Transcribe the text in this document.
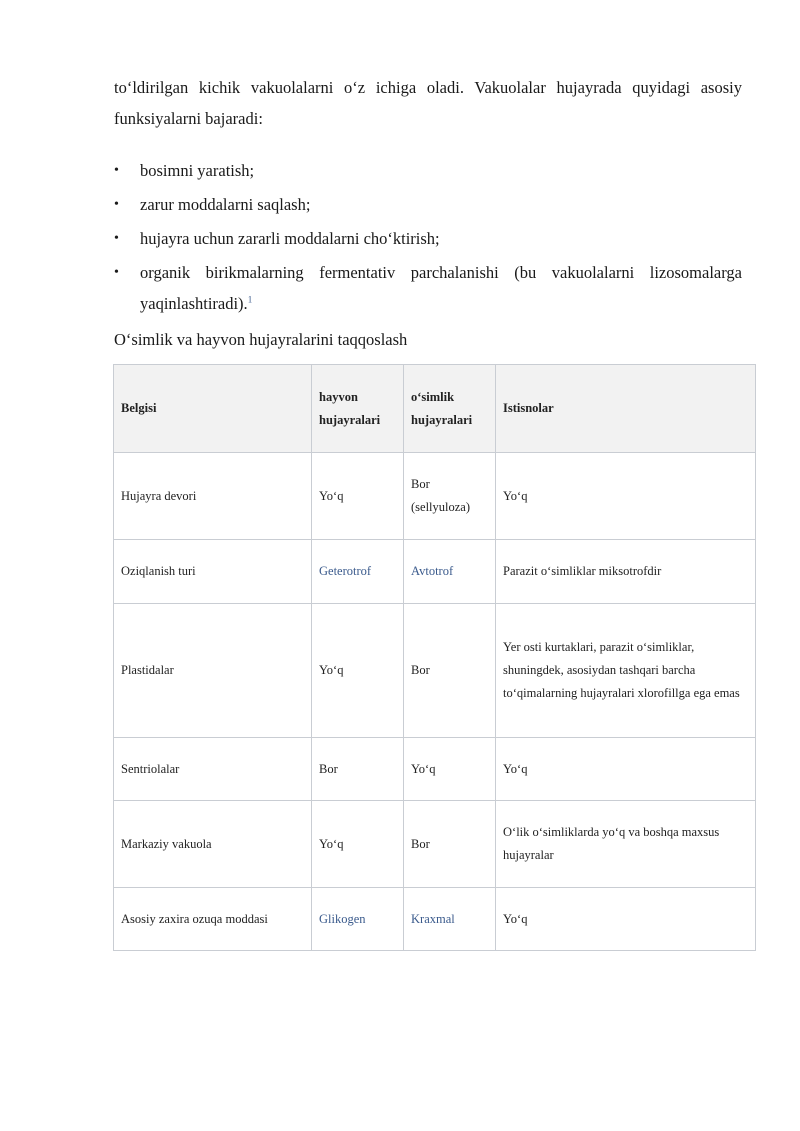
to‘ldirilgan kichik vakuolalarni o‘z ichiga oladi. Vakuolalar hujayrada quyidagi asosiy funksiyalarni bajaradi:

• bosimni yaratish;
• zarur moddalarni saqlash;
• hujayra uchun zararli moddalarni cho‘ktirish;
• organik birikmalarning fermentativ parchalanishi (bu vakuolalarni lizosomalarga yaqinlashtiradi).$^1$

O‘simlik va hayvon hujayralarini taqqoslash

Belgisi	hayvon hujayralari	o‘simlik hujayralari	Istisnolar
Hujayra devori	Yo‘q	Bor (sellyuloza)	Yo‘q
Oziqlanish turi	Geterotrof	Avtotrof	Parazit o‘simliklar miksotrofdir
Plastidalar	Yo‘q	Bor	Yer osti kurtaklari, parazit o‘simliklar, shuningdek, asosiydan tashqari barcha to‘qimalarning hujayralari xlorofillga ega emas
Sentriolalar	Bor	Yo‘q	Yo‘q
Markaziy vakuola	Yo‘q	Bor	O‘lik o‘simliklarda yo‘q va boshqa maxsus hujayralar
Asosiy zaxira ozuqa moddasi	Glikogen	Kraxmal	Yo‘q
